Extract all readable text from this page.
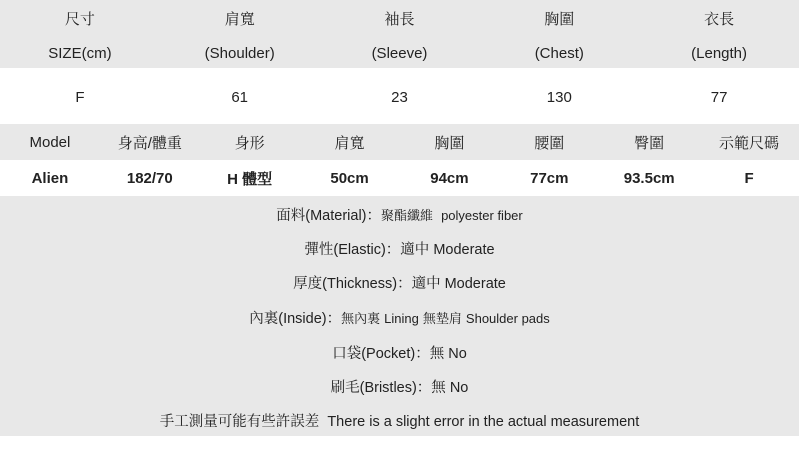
尺寸	肩寬	袖長	胸圍	衣長
SIZE(cm)	(Shoulder)	(Sleeve)	(Chest)	(Length)
F	61	23	130	77
Model	身高/體重	身形	肩寬	胸圍	腰圍	臀圍	示範尺碼
Alien	182/70	H 體型	50cm	94cm	77cm	93.5cm	F
面料(Material)：聚酯纖維 polyester fiber
彈性(Elastic)：適中 Moderate
厚度(Thickness)：適中 Moderate
內裏(Inside)：無內裏 Lining 無墊肩 Shoulder pads
口袋(Pocket)：無 No
刷毛(Bristles)：無 No
手工測量可能有些許誤差 There is a slight error in the actual measurement
